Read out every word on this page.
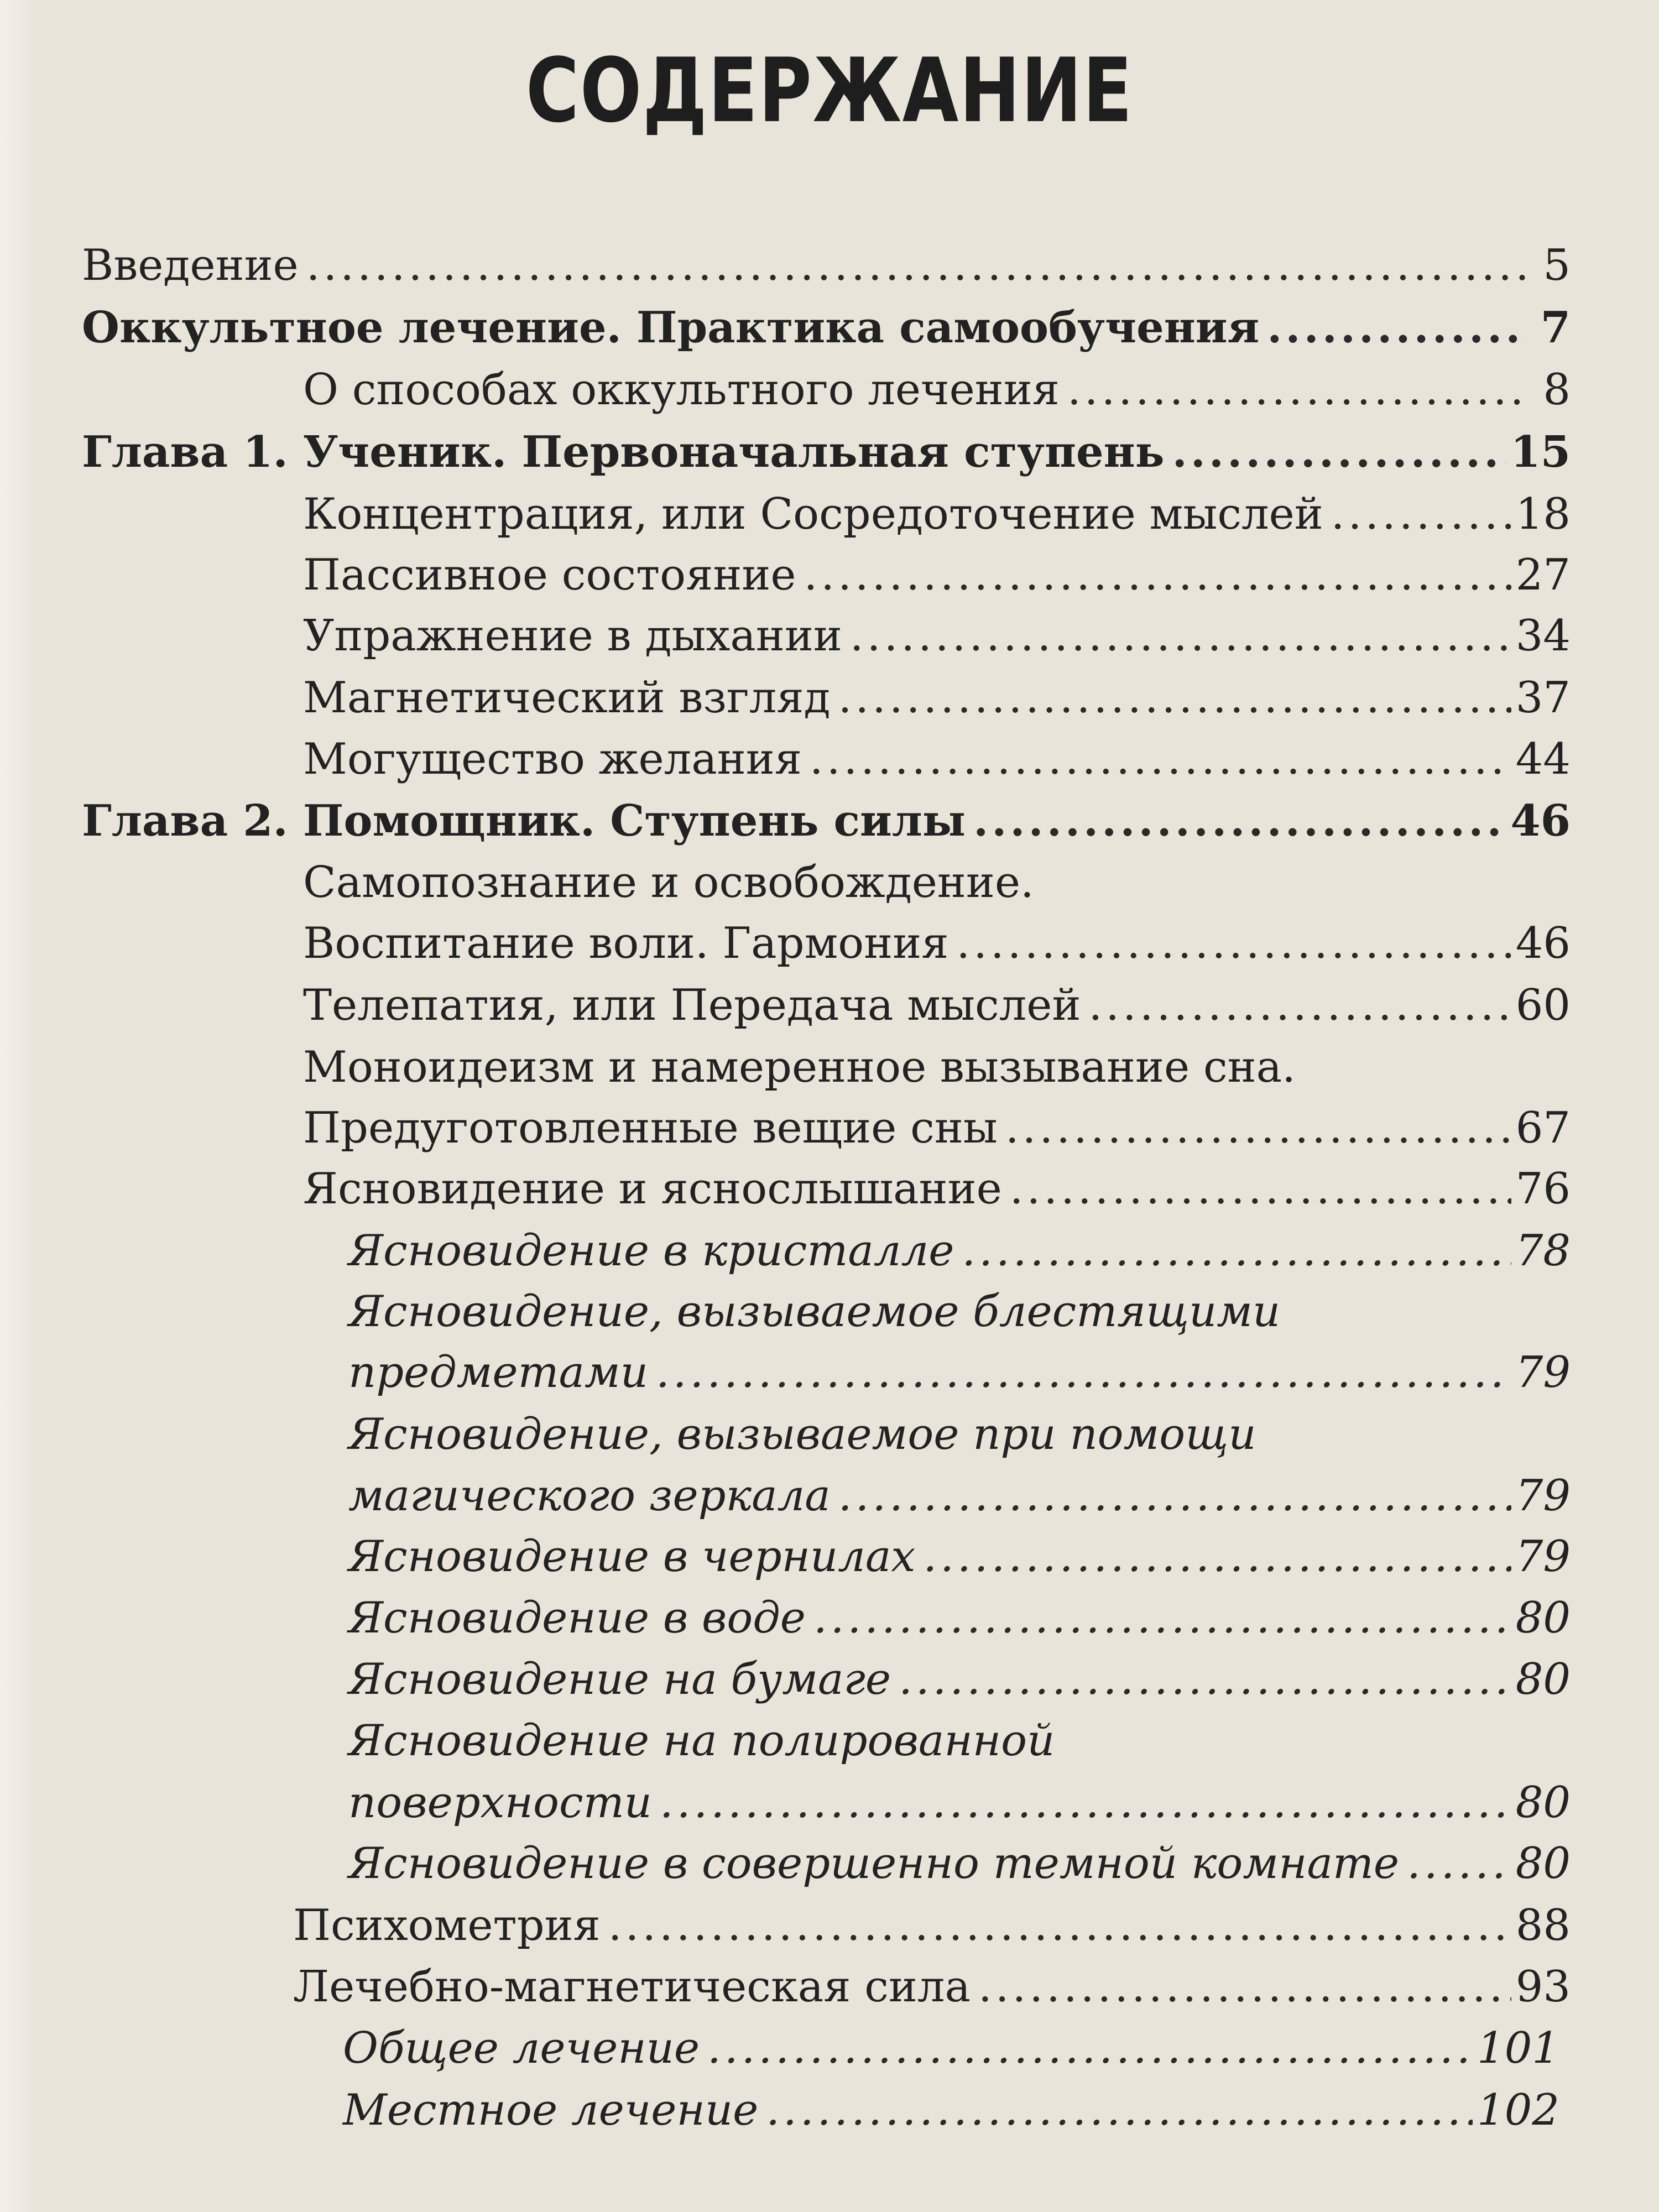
СОДЕРЖАНИЕ
Введение .....	5
Оккультное лечение. Практика самообучения .....	7
О способах оккультного лечения .....	8
Глава 1. Ученик. Первоначальная ступень .....	15
Концентрация, или Сосредоточение мыслей .....	18
Пассивное состояние .....	27
Упражнение в дыхании .....	34
Магнетический взгляд .....	37
Могущество желания .....	44
Глава 2. Помощник. Ступень силы .....	46
Самопознание и освобождение.
Воспитание воли. Гармония .....	46
Телепатия, или Передача мыслей .....	60
Моноидеизм и намеренное вызывание сна.
Предуготовленные вещие сны .....	67
Ясновидение и яснослышание .....	76
Ясновидение в кристалле .....	78
Ясновидение, вызываемое блестящими
предметами .....	79
Ясновидение, вызываемое при помощи
магического зеркала .....	79
Ясновидение в чернилах .....	79
Ясновидение в воде .....	80
Ясновидение на бумаге .....	80
Ясновидение на полированной
поверхности .....	80
Ясновидение в совершенно темной комнате .....	80
Психометрия .....	88
Лечебно-магнетическая сила .....	93
Общее лечение .....	101
Местное лечение .....	102
